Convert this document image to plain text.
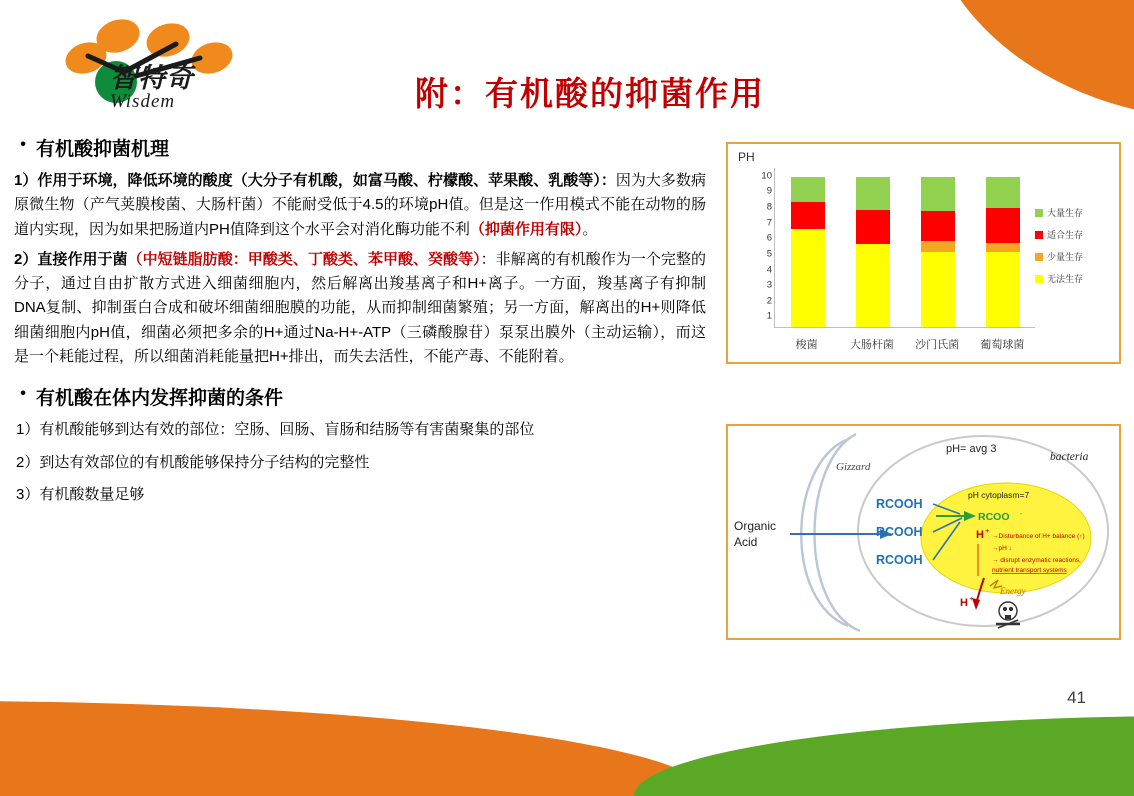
智特奇
Wisdem	附：有机酸的抑菌作用
• 有机酸抑菌机理

1）作用于环境，降低环境的酸度（大分子有机酸，如富马酸、柠檬酸、苹果酸、乳酸等）：因为大多数病原微生物（产气荚膜梭菌、大肠杆菌）不能耐受低于4.5的环境pH值。但是这一作用模式不能在动物的肠道内实现，因为如果把肠道内PH值降到这个水平会对消化酶功能不利（抑菌作用有限）。

2）直接作用于菌（中短链脂肪酸：甲酸类、丁酸类、苯甲酸、癸酸等）：非解离的有机酸作为一个完整的分子，通过自由扩散方式进入细菌细胞内，然后解离出羧基离子和H+离子。一方面，羧基离子有抑制DNA复制、抑制蛋白合成和破坏细菌细胞膜的功能，从而抑制细菌繁殖；另一方面，解离出的H+则降低细菌细胞内pH值，细菌必须把多余的H+通过Na-H+-ATP（三磷酸腺苷）泵泵出膜外（主动运输），而这是一个耗能过程，所以细菌消耗能量把H+排出，而失去活性，不能产毒、不能附着。

• 有机酸在体内发挥抑菌的条件
1）有机酸能够到达有效的部位：空肠、回肠、盲肠和结肠等有害菌聚集的部位
2）到达有效部位的有机酸能够保持分子结构的完整性
3）有机酸数量足够
PH
10
9
8
7
6
5
4
3
2
1
梭菌	大肠杆菌	沙门氏菌	葡萄球菌
大量生存
适合生存
少量生存
无法生存
Gizzard
pH= avg 3
bacteria
pH cytoplasm=7
Organic
Acid
RCOOH
RCOOH
RCOOH
RCOO -
H +
→Disturbance of H+ balance (↑)
→pH ↓
→ disrupt enzymatic reactions,
nutrient transport systems
H +
Energy
41
